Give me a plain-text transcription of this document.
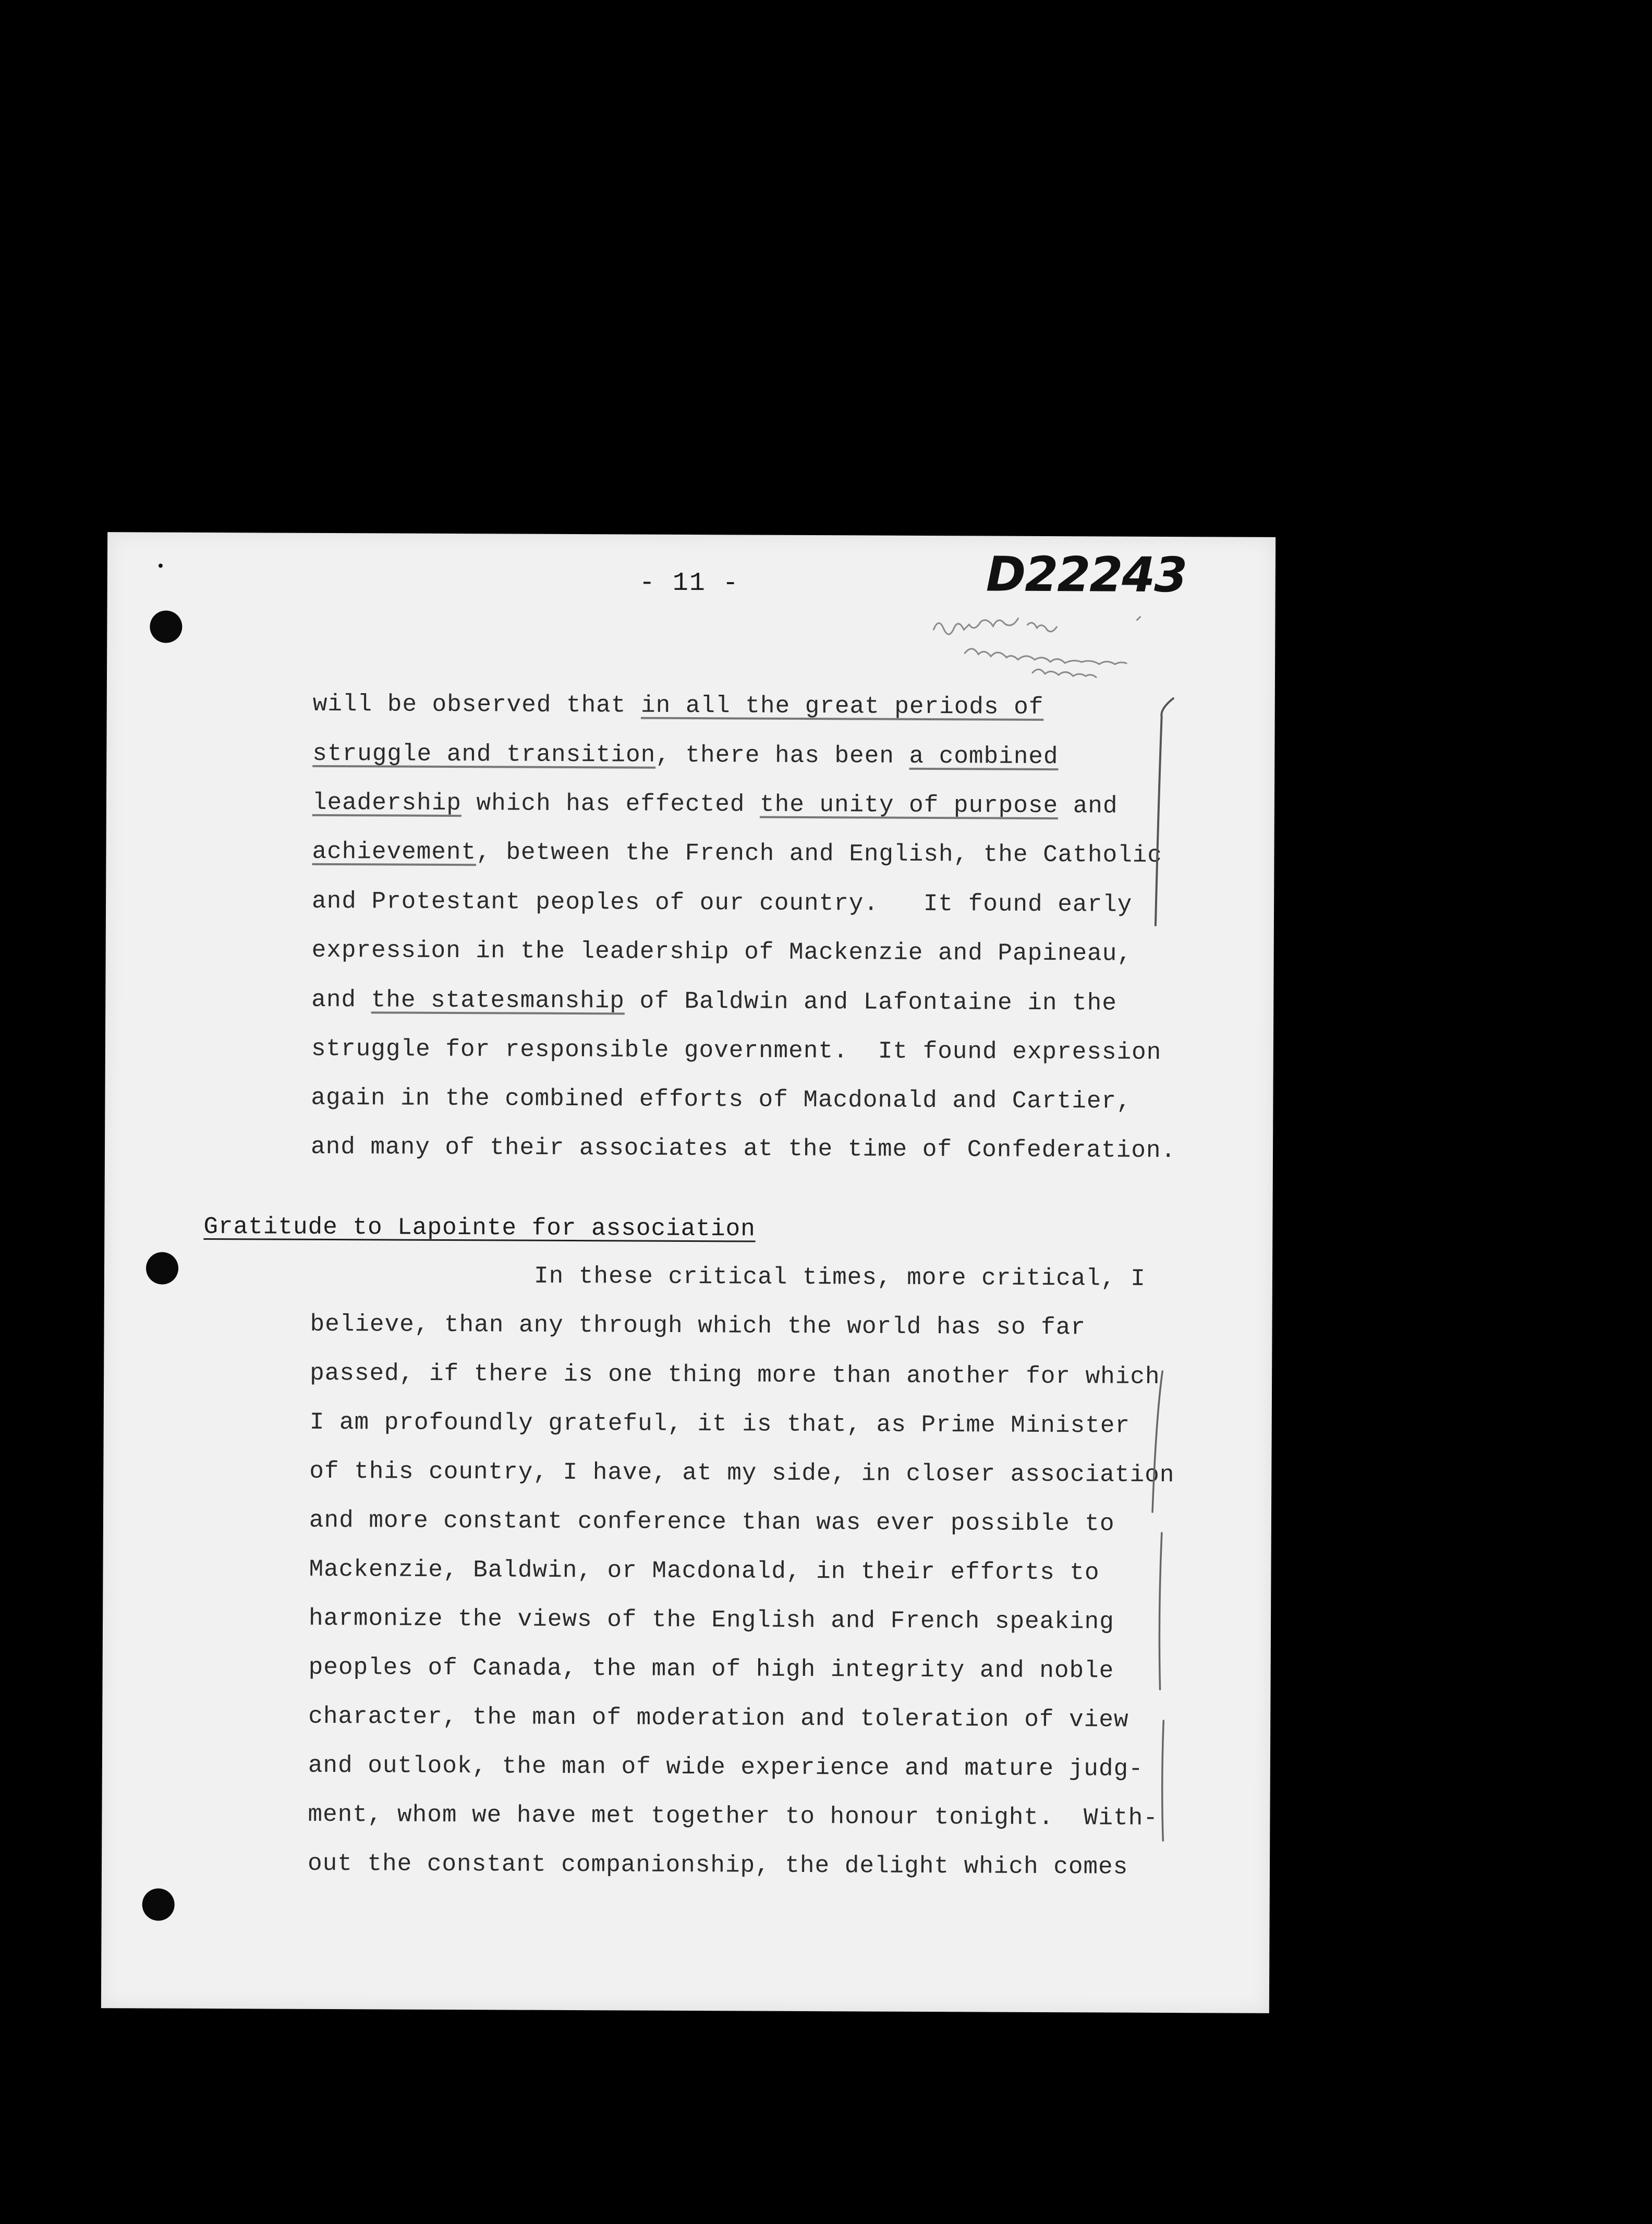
- 11 -	D22243
will be observed that in all the great periods of
struggle and transition, there has been a combined
leadership which has effected the unity of purpose and
achievement, between the French and English, the Catholic
and Protestant peoples of our country.   It found early
expression in the leadership of Mackenzie and Papineau,
and the statesmanship of Baldwin and Lafontaine in the
struggle for responsible government.  It found expression
again in the combined efforts of Macdonald and Cartier,
and many of their associates at the time of Confederation.
Gratitude to Lapointe for association
In these critical times, more critical, I
believe, than any through which the world has so far
passed, if there is one thing more than another for which
I am profoundly grateful, it is that, as Prime Minister
of this country, I have, at my side, in closer association
and more constant conference than was ever possible to
Mackenzie, Baldwin, or Macdonald, in their efforts to
harmonize the views of the English and French speaking
peoples of Canada, the man of high integrity and noble
character, the man of moderation and toleration of view
and outlook, the man of wide experience and mature judg-
ment, whom we have met together to honour tonight.  With-
out the constant companionship, the delight which comes
